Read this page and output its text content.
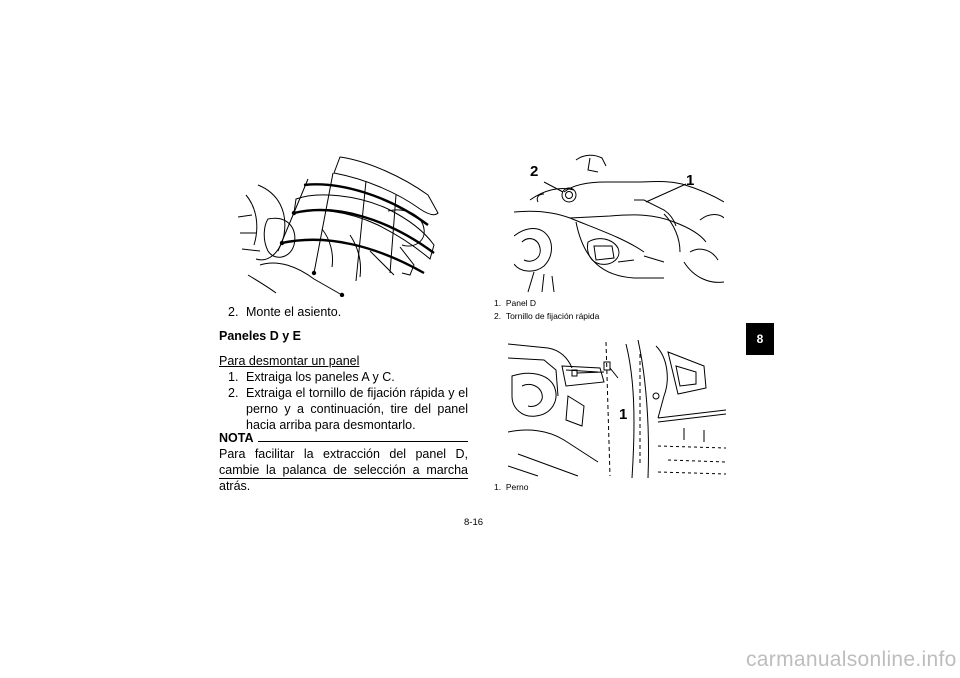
2. Monte el asiento.
Paneles D y E
Para desmontar un panel
1. Extraiga los paneles A y C.
2. Extraiga el tornillo de fijación rápida y el perno y a continuación, tire del panel hacia arriba para desmontarlo.
NOTA
Para facilitar la extracción del panel D, cambie la palanca de selección a marcha atrás.
2
1
1. Panel D
2. Tornillo de fijación rápida
1
1. Perno
8
8-16
carmanualsonline.info
